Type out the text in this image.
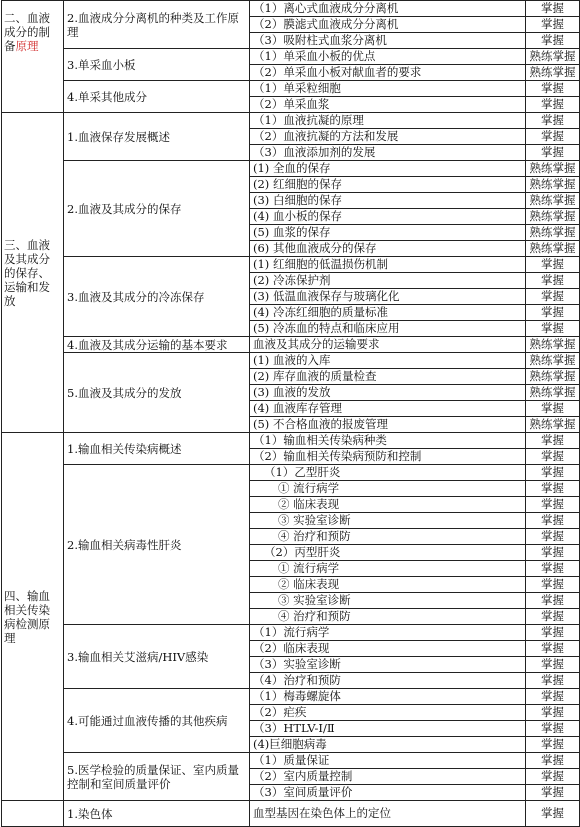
二、血液成分的制备原理	2.血液成分分离机的种类及工作原理	（1）离心式血液成分分离机	掌握
		（2）膜滤式血液成分分离机	掌握
		（3）吸附柱式血浆分离机	掌握
	3.单采血小板	（1）单采血小板的优点	熟练掌握
		（2）单采血小板对献血者的要求	熟练掌握
	4.单采其他成分	（1）单采粒细胞	掌握
		（2）单采血浆	掌握
三、血液及其成分的保存、运输和发放	1.血液保存发展概述	（1）血液抗凝的原理	掌握
		（2）血液抗凝的方法和发展	掌握
		（3）血液添加剂的发展	掌握
	2.血液及其成分的保存	(1) 全血的保存	熟练掌握
		(2) 红细胞的保存	熟练掌握
		(3) 白细胞的保存	熟练掌握
		(4) 血小板的保存	熟练掌握
		(5) 血浆的保存	熟练掌握
		(6) 其他血液成分的保存	熟练掌握
	3.血液及其成分的冷冻保存	(1) 红细胞的低温损伤机制	掌握
		(2) 冷冻保护剂	掌握
		(3) 低温血液保存与玻璃化化	掌握
		(4) 冷冻红细胞的质量标准	掌握
		(5) 冷冻血的特点和临床应用	掌握
	4.血液及其成分运输的基本要求	血液及其成分的运输要求	熟练掌握
	5.血液及其成分的发放	(1) 血液的入库	熟练掌握
		(2) 库存血液的质量检查	熟练掌握
		(3) 血液的发放	熟练掌握
		(4) 血液库存管理	掌握
		(5) 不合格血液的报废管理	熟练掌握
四、输血相关传染病检测原理	1.输血相关传染病概述	（1）输血相关传染病种类	掌握
		（2）输血相关传染病预防和控制	掌握
	2.输血相关病毒性肝炎	（1）乙型肝炎	掌握
		① 流行病学	掌握
		② 临床表现	掌握
		③ 实验室诊断	掌握
		④ 治疗和预防	掌握
		（2）丙型肝炎	掌握
		① 流行病学	掌握
		② 临床表现	掌握
		③ 实验室诊断	掌握
		④ 治疗和预防	掌握
	3.输血相关艾滋病/HIV感染	（1）流行病学	掌握
		（2）临床表现	掌握
		（3）实验室诊断	掌握
		（4）治疗和预防	掌握
	4.可能通过血液传播的其他疾病	（1）梅毒螺旋体	掌握
		（2）疟疾	掌握
		（3）HTLV-Ⅰ/Ⅱ	掌握
		(4)巨细胞病毒	掌握
	5.医学检验的质量保证、室内质量控制和室间质量评价	（1）质量保证	掌握
		（2）室内质量控制	掌握
		（3）室间质量评价	掌握
	1.染色体	血型基因在染色体上的定位	掌握
